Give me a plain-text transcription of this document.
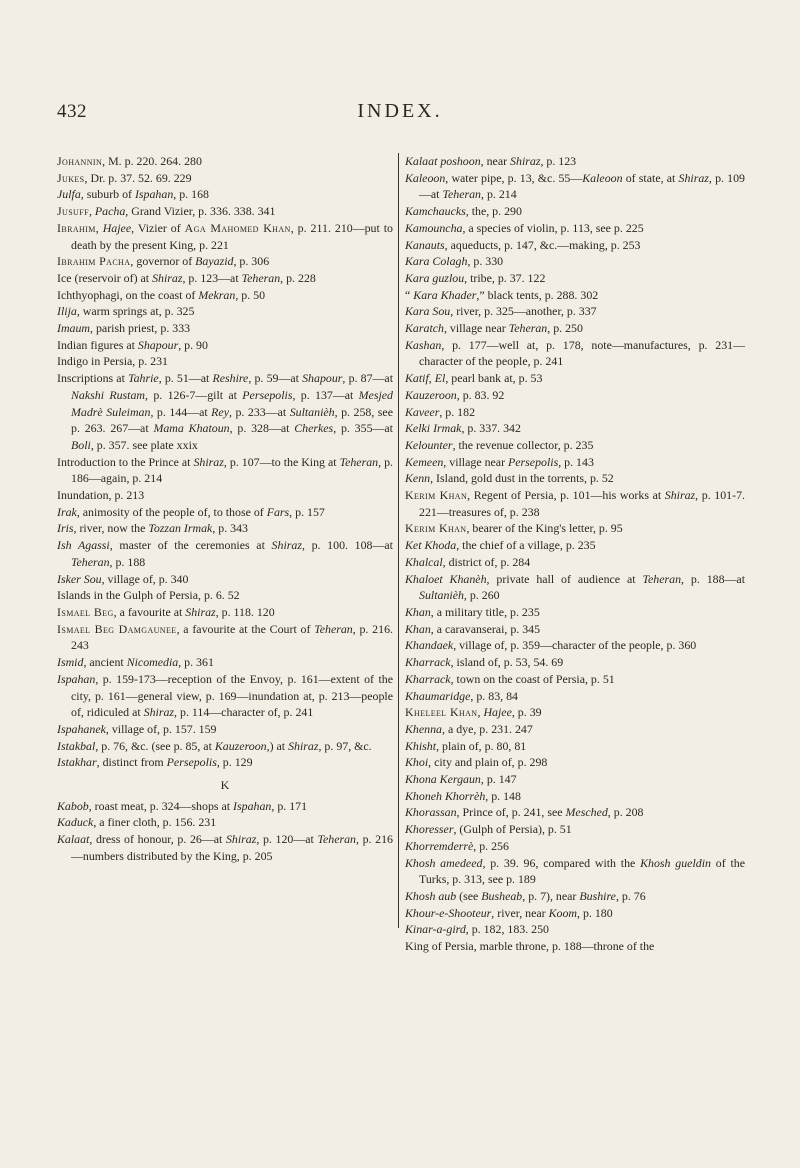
432	INDEX.
Johannin, M. p. 220. 264. 280
Jukes, Dr. p. 37. 52. 69. 229
Julfa, suburb of Ispahan, p. 168
Jusuff, Pacha, Grand Vizier, p. 336. 338. 341
Ibrahim, Hajee, Vizier of Aga Mahomed Khan, p. 211. 210—put to death by the present King, p. 221
Ibrahim Pacha, governor of Bayazid, p. 306
Ice (reservoir of) at Shiraz, p. 123—at Teheran, p. 228
Ichthyophagi, on the coast of Mekran, p. 50
Ilija, warm springs at, p. 325
Imaum, parish priest, p. 333
Indian figures at Shapour, p. 90
Indigo in Persia, p. 231
Inscriptions at Tahrie, p. 51—at Reshire, p. 59—at Shapour, p. 87—at Nakshi Rustam, p. 126-7—gilt at Persepolis, p. 137—at Mesjed Madrè Suleiman, p. 144—at Rey, p. 233—at Sultanièh, p. 258, see p. 263. 267—at Mama Khatoun, p. 328—at Cherkes, p. 355—at Boli, p. 357. see plate xxix
Introduction to the Prince at Shiraz, p. 107—to the King at Teheran, p. 186—again, p. 214
Inundation, p. 213
Irak, animosity of the people of, to those of Fars, p. 157
Iris, river, now the Tozzan Irmak, p. 343
Ish Agassi, master of the ceremonies at Shiraz, p. 100. 108—at Teheran, p. 188
Isker Sou, village of, p. 340
Islands in the Gulph of Persia, p. 6. 52
Ismael Beg, a favourite at Shiraz, p. 118. 120
Ismael Beg Damgaunee, a favourite at the Court of Teheran, p. 216. 243
Ismid, ancient Nicomedia, p. 361
Ispahan, p. 159-173—reception of the Envoy, p. 161—extent of the city, p. 161—general view, p. 169—inundation at, p. 213—people of, ridiculed at Shiraz, p. 114—character of, p. 241
Ispahanek, village of, p. 157. 159
Istakbal, p. 76, &c. (see p. 85, at Kauzeroon,) at Shiraz, p. 97, &c.
Istakhar, distinct from Persepolis, p. 129
K
Kabob, roast meat, p. 324—shops at Ispahan, p. 171
Kaduck, a finer cloth, p. 156. 231
Kalaat, dress of honour, p. 26—at Shiraz, p. 120—at Teheran, p. 216—numbers distributed by the King, p. 205
Kalaat poshoon, near Shiraz, p. 123
Kaleoon, water pipe, p. 13, &c. 55—Kaleoon of state, at Shiraz, p. 109—at Teheran, p. 214
Kamchaucks, the, p. 290
Kamouncha, a species of violin, p. 113, see p. 225
Kanauts, aqueducts, p. 147, &c.—making, p. 253
Kara Colagh, p. 330
Kara guzlou, tribe, p. 37. 122
“ Kara Khader,” black tents, p. 288. 302
Kara Sou, river, p. 325—another, p. 337
Karatch, village near Teheran, p. 250
Kashan, p. 177—well at, p. 178, note—manufactures, p. 231—character of the people, p. 241
Katif, El, pearl bank at, p. 53
Kauzeroon, p. 83. 92
Kaveer, p. 182
Kelki Irmak, p. 337. 342
Kelounter, the revenue collector, p. 235
Kemeen, village near Persepolis, p. 143
Kenn, Island, gold dust in the torrents, p. 52
Kerim Khan, Regent of Persia, p. 101—his works at Shiraz, p. 101-7. 221—treasures of, p. 238
Kerim Khan, bearer of the King's letter, p. 95
Ket Khoda, the chief of a village, p. 235
Khalcal, district of, p. 284
Khaloet Khanèh, private hall of audience at Teheran, p. 188—at Sultanièh, p. 260
Khan, a military title, p. 235
Khan, a caravanserai, p. 345
Khandaek, village of, p. 359—character of the people, p. 360
Kharrack, island of, p. 53, 54. 69
Kharrack, town on the coast of Persia, p. 51
Khaumaridge, p. 83, 84
Kheleel Khan, Hajee, p. 39
Khenna, a dye, p. 231. 247
Khisht, plain of, p. 80, 81
Khoi, city and plain of, p. 298
Khona Kergaun, p. 147
Khoneh Khorrèh, p. 148
Khorassan, Prince of, p. 241, see Mesched, p. 208
Khoresser, (Gulph of Persia), p. 51
Khorremderrè, p. 256
Khosh amedeed, p. 39. 96, compared with the Khosh gueldin of the Turks, p. 313, see p. 189
Khosh aub (see Busheab, p. 7), near Bushire, p. 76
Khour-e-Shooteur, river, near Koom, p. 180
Kinar-a-gird, p. 182, 183. 250
King of Persia, marble throne, p. 188—throne of the
